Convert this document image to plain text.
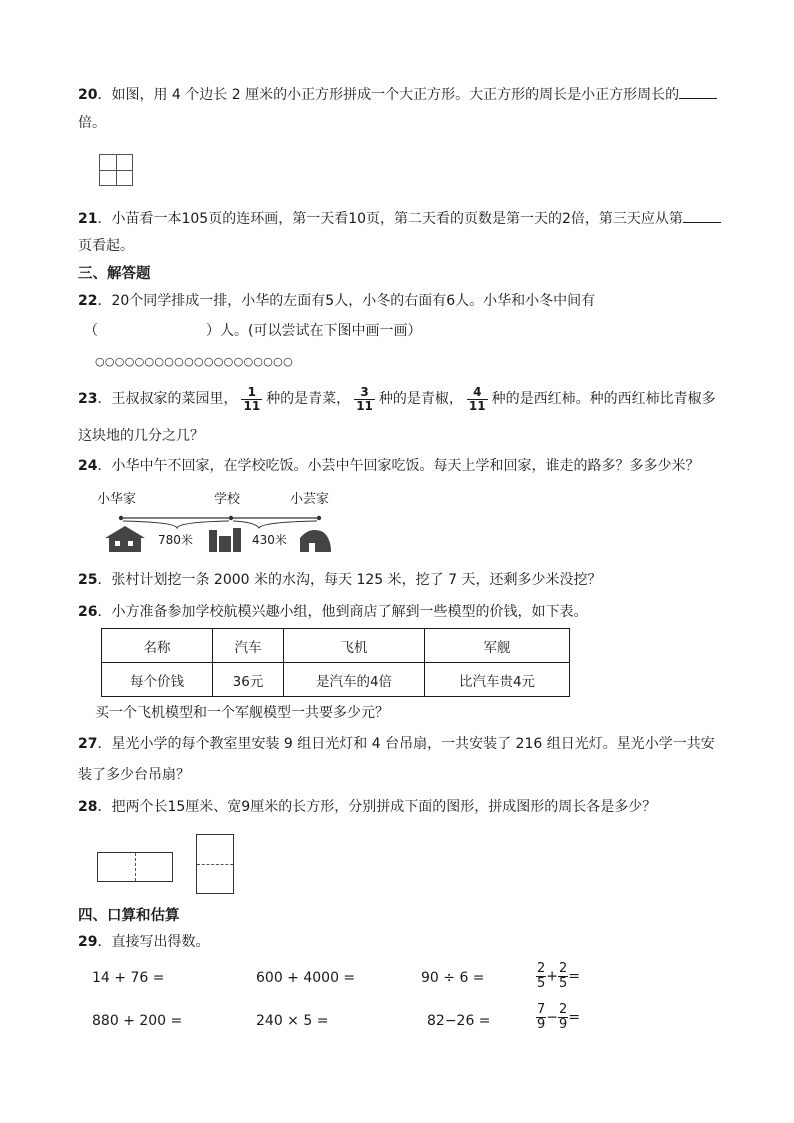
20．如图，用 4 个边长 2 厘米的小正方形拼成一个大正方形。大正方形的周长是小正方形周长的
倍。
21．小苗看一本105页的连环画，第一天看10页，第二天看的页数是第一天的2倍，第三天应从第
页看起。
三、解答题
22．20个同学排成一排，小华的左面有5人，小冬的右面有6人。小华和小冬中间有
（	）人。(可以尝试在下图中画一画）
○○○○○○○○○○○○○○○○○○○○
23．王叔叔家的菜园里， $\frac{1}{11}$ 种的是青菜， $\frac{3}{11}$ 种的是青椒， $\frac{4}{11}$ 种的是西红柿。种的西红柿比青椒多
这块地的几分之几？
24．小华中午不回家，在学校吃饭。小芸中午回家吃饭。每天上学和回家，谁走的路多？多多少米？
小华家	学校	小芸家
780米	430米
25．张村计划挖一条 2000 米的水沟，每天 125 米，挖了 7 天，还剩多少米没挖？
26．小方准备参加学校航模兴趣小组，他到商店了解到一些模型的价钱，如下表。
名称	汽车	飞机	军舰
每个价钱	36元	是汽车的4倍	比汽车贵4元
买一个飞机模型和一个军舰模型一共要多少元？
27．星光小学的每个教室里安装 9 组日光灯和 4 台吊扇，一共安装了 216 组日光灯。星光小学一共安
装了多少台吊扇？
28．把两个长15厘米、宽9厘米的长方形，分别拼成下面的图形，拼成图形的周长各是多少？
四、口算和估算
29．直接写出得数。
14 + 76 =	600 + 4000 =	90 ÷ 6 =	$\frac{2}{5} + \frac{2}{5}$ =
880 + 200 =	240 × 5 =	82−26 =	$\frac{7}{9} - \frac{2}{9}$ =
